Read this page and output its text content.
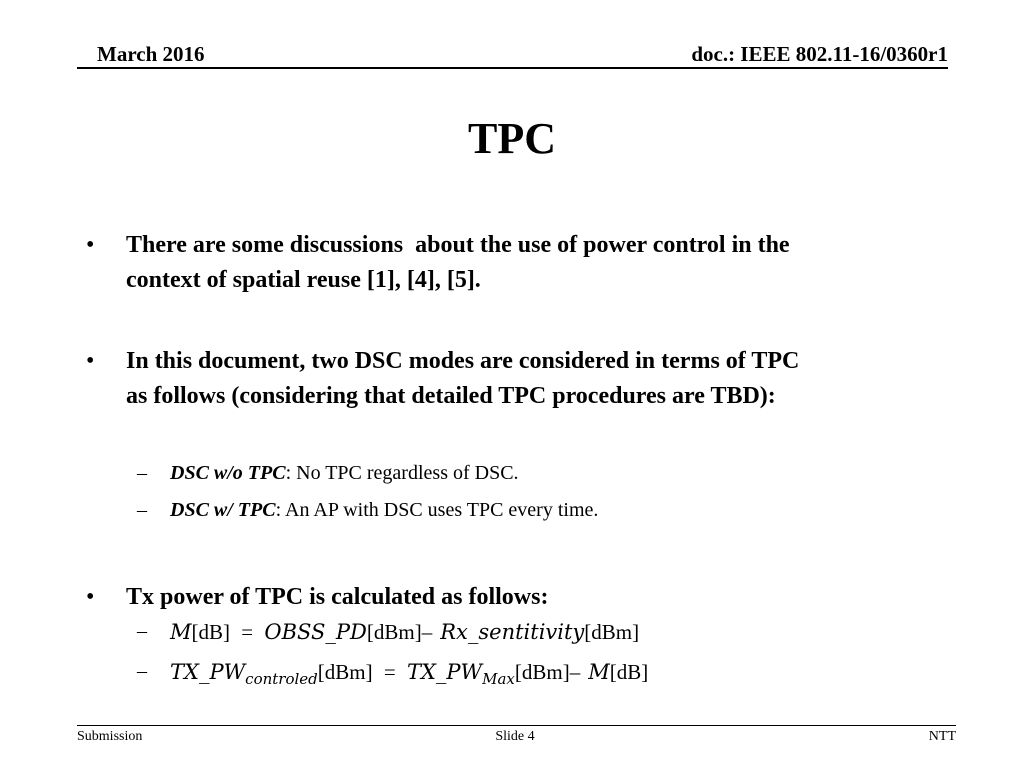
March 2016	doc.: IEEE 802.11-16/0360r1
TPC
• There are some discussions  about the use of power control in the
context of spatial reuse [1], [4], [5].
• In this document, two DSC modes are considered in terms of TPC
as follows (considering that detailed TPC procedures are TBD):
– DSC w/o TPC: No TPC regardless of DSC.
– DSC w/ TPC: An AP with DSC uses TPC every time.
• Tx power of TPC is calculated as follows:
– M[dB] = OBSS_PD[dBm]– Rx_sentitivity[dBm]
– $TX\_PW_{controled}[dBm]$ = $TX\_PW_{Max}[dBm]-$ M[dB]
Submission	Slide 4	NTT
